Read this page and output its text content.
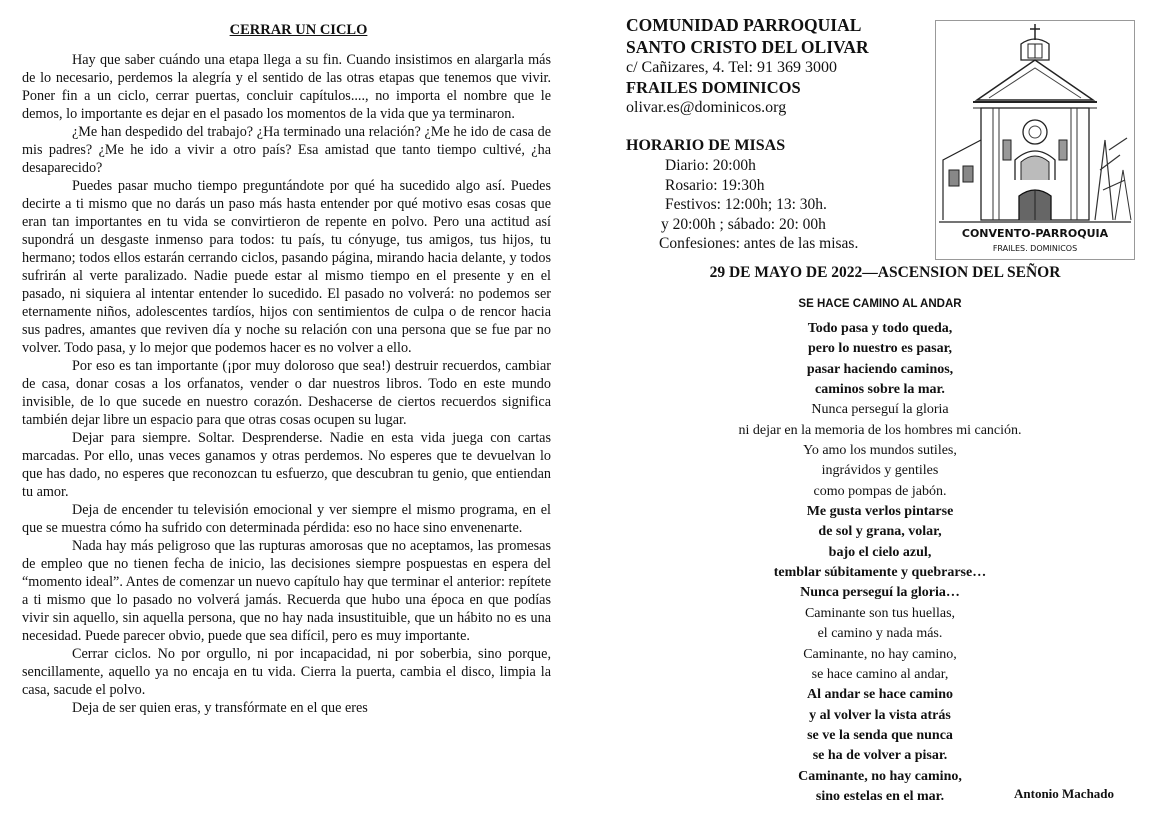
CERRAR UN CICLO

Hay que saber cuándo una etapa llega a su fin. Cuando insistimos en alargarla más de lo necesario, perdemos la alegría y el sentido de las otras etapas que tenemos que vivir. Poner fin a un ciclo, cerrar puertas, concluir capítulos...., no importa el nombre que le demos, lo importante es dejar en el pasado los momentos de la vida que ya terminaron.

¿Me han despedido del trabajo? ¿Ha terminado una relación? ¿Me he ido de casa de mis padres? ¿Me he ido a vivir a otro país? Esa amistad que tanto tiempo cultivé, ¿ha desaparecido?

Puedes pasar mucho tiempo preguntándote por qué ha sucedido algo así. Puedes decirte a ti mismo que no darás un paso más hasta entender por qué motivo esas cosas que eran tan importantes en tu vida se convirtieron de repente en polvo. Pero una actitud así supondrá un desgaste inmenso para todos: tu país, tu cónyuge, tus amigos, tus hijos, tu hermano; todos ellos estarán cerrando ciclos, pasando página, mirando hacia delante, y todos sufrirán al verte paralizado. Nadie puede estar al mismo tiempo en el presente y en el pasado, ni siquiera al intentar entender lo sucedido. El pasado no volverá: no podemos ser eternamente niños, adolescentes tardíos, hijos con sentimientos de culpa o de rencor hacia sus padres, amantes que reviven día y noche su relación con una persona que se fue par no volver. Todo pasa, y lo mejor que podemos hacer es no volver a ello.

Por eso es tan importante (¡por muy doloroso que sea!) destruir recuerdos, cambiar de casa, donar cosas a los orfanatos, vender o dar nuestros libros. Todo en este mundo invisible, de lo que sucede en nuestro corazón. Deshacerse de ciertos recuerdos significa también dejar libre un espacio para que otras cosas ocupen su lugar.

Dejar para siempre. Soltar. Desprenderse. Nadie en esta vida juega con cartas marcadas. Por ello, unas veces ganamos y otras perdemos. No esperes que te devuelvan lo que has dado, no esperes que reconozcan tu esfuerzo, que descubran tu genio, que entiendan tu amor.

Deja de encender tu televisión emocional y ver siempre el mismo programa, en el que se muestra cómo ha sufrido con determinada pérdida: eso no hace sino envenenarte.

Nada hay más peligroso que las rupturas amorosas que no aceptamos, las promesas de empleo que no tienen fecha de inicio, las decisiones siempre pospuestas en espera del “momento ideal”. Antes de comenzar un nuevo capítulo hay que terminar el anterior: repítete a ti mismo que lo pasado no volverá jamás. Recuerda que hubo una época en que podías vivir sin aquello, sin aquella persona, que no hay nada insustituible, que un hábito no es una necesidad. Puede parecer obvio, puede que sea difícil, pero es muy importante.

Cerrar ciclos. No por orgullo, ni por incapacidad, ni por soberbia, sino porque, sencillamente, aquello ya no encaja en tu vida. Cierra la puerta, cambia el disco, limpia la casa, sacude el polvo.

Deja de ser quien eras, y transfórmate en el que eres

COMUNIDAD PARROQUIAL
SANTO CRISTO DEL OLIVAR
c/ Cañizares, 4. Tel: 91 369 3000
FRAILES DOMINICOS
olivar.es@dominicos.org
HORARIO DE MISAS
Diario: 20:00h
Rosario: 19:30h
Festivos: 12:00h; 13: 30h.
y 20:00h ; sábado: 20: 00h
Confesiones: antes de las misas.
CONVENTO-PARROQUIA
FRAILES. DOMINICOS
29 DE MAYO DE 2022—ASCENSION DEL SEÑOR
SE HACE CAMINO AL ANDAR
Todo pasa y todo queda,
pero lo nuestro es pasar,
pasar haciendo caminos,
caminos sobre la mar.
Nunca perseguí la gloria
ni dejar en la memoria de los hombres mi canción.
Yo amo los mundos sutiles,
ingrávidos y gentiles
como pompas de jabón.
Me gusta verlos pintarse
de sol y grana, volar,
bajo el cielo azul,
temblar súbitamente y quebrarse…
Nunca perseguí la gloria…
Caminante son tus huellas,
el camino y nada más.
Caminante, no hay camino,
se hace camino al andar,
Al andar se hace camino
y al volver la vista atrás
se ve la senda que nunca
se ha de volver a pisar.
Caminante, no hay camino,
sino estelas en el mar.	Antonio Machado
